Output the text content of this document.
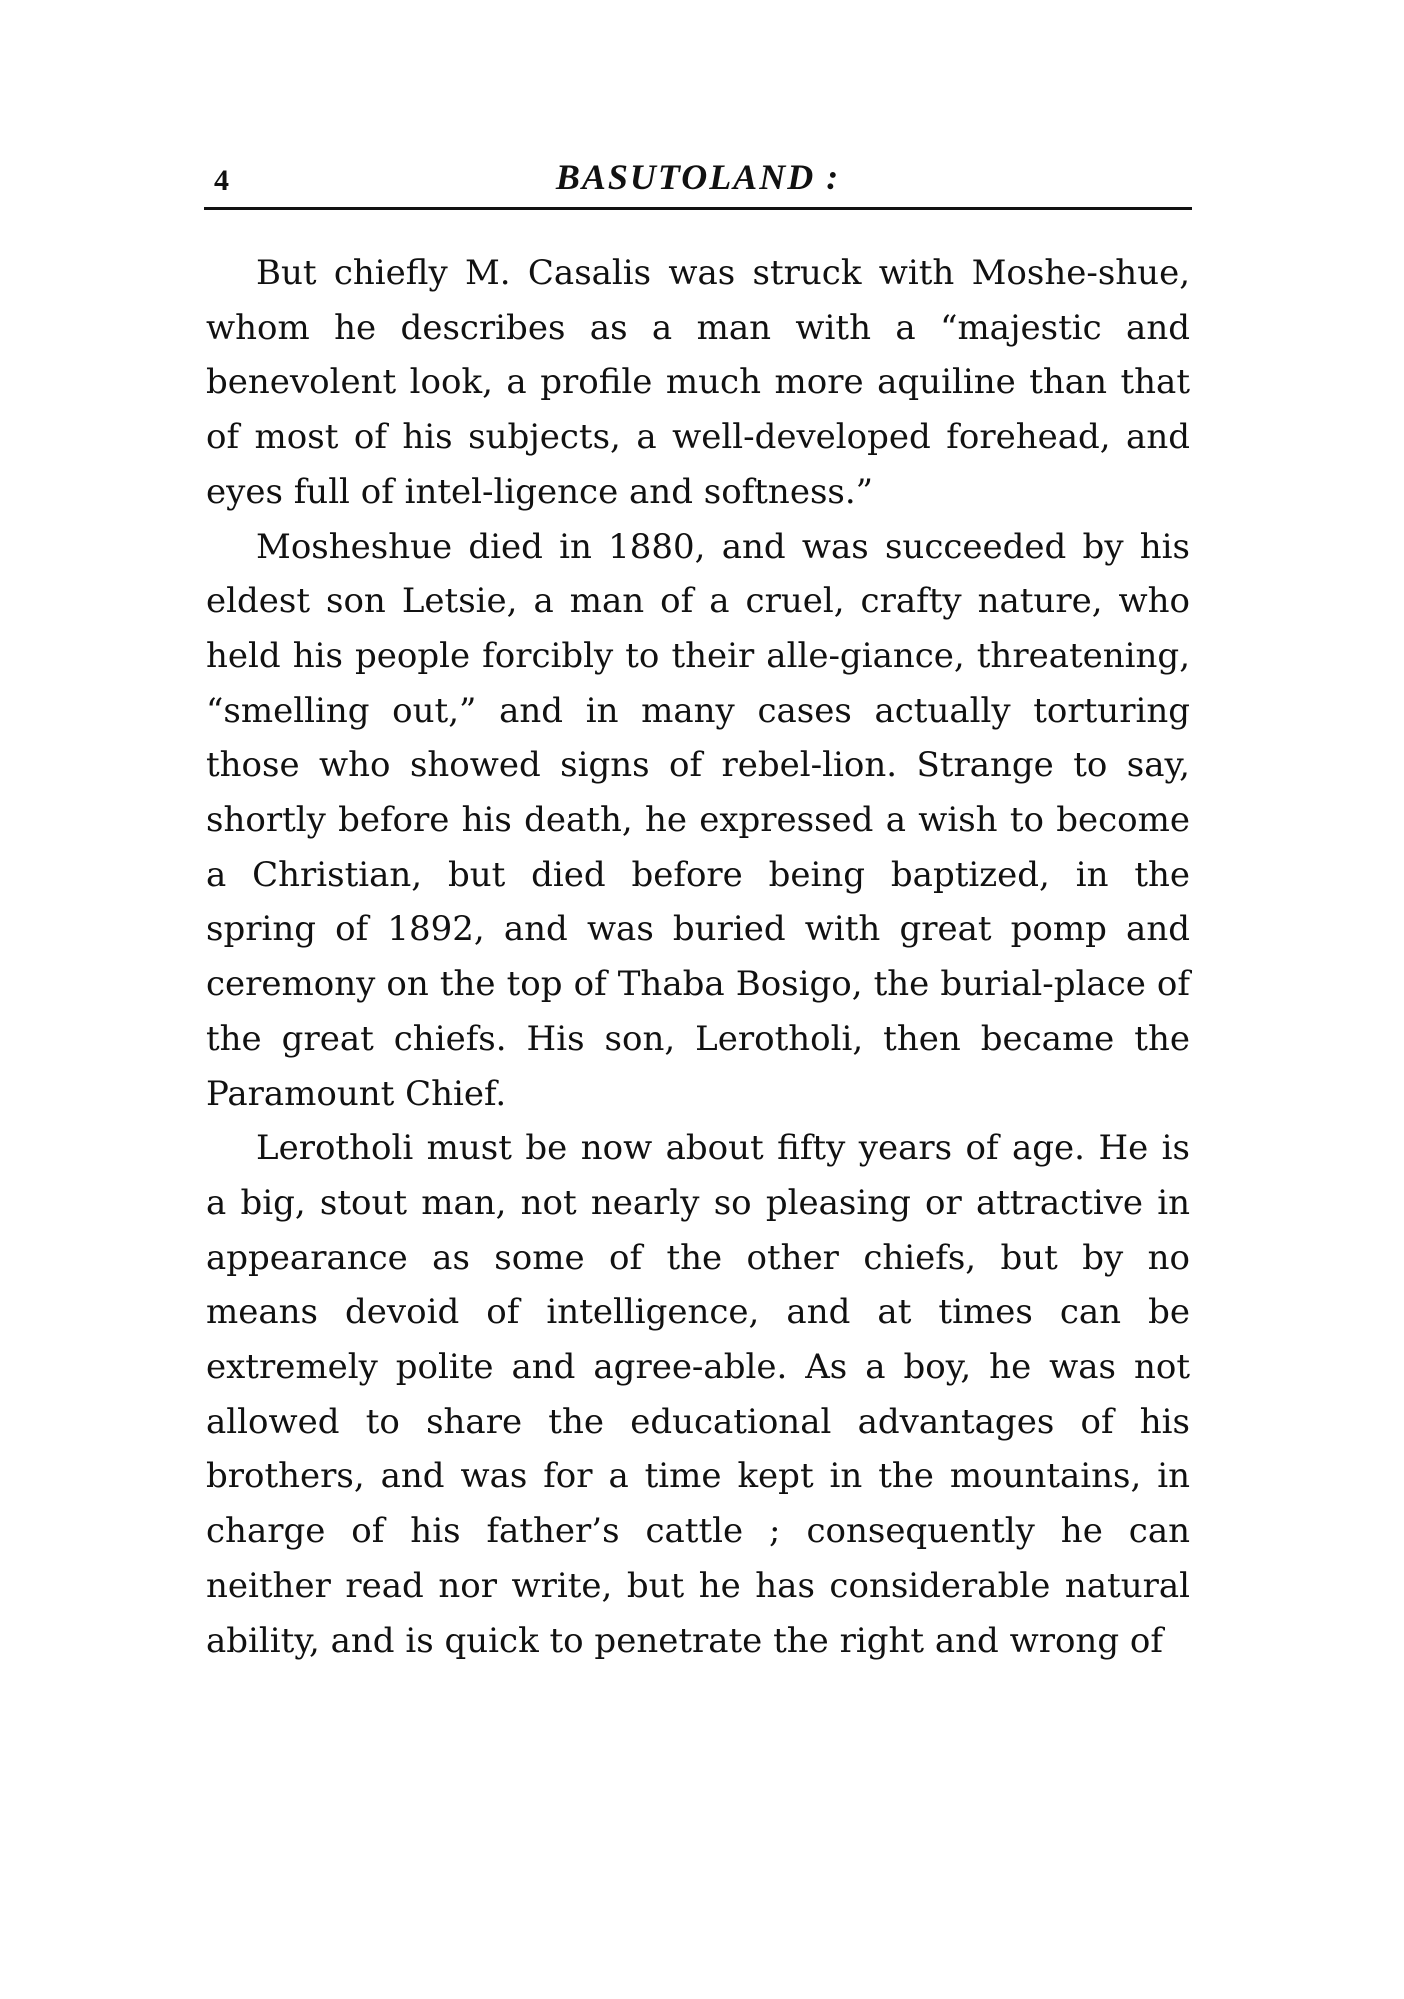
4	BASUTOLAND :

But chiefly M. Casalis was struck with Moshe-shue, whom he describes as a man with a “majestic and benevolent look, a profile much more aquiline than that of most of his subjects, a well-developed forehead, and eyes full of intel-ligence and softness.”

Mosheshue died in 1880, and was succeeded by his eldest son Letsie, a man of a cruel, crafty nature, who held his people forcibly to their alle-giance, threatening, “smelling out,” and in many cases actually torturing those who showed signs of rebel-lion. Strange to say, shortly before his death, he expressed a wish to become a Christian, but died before being baptized, in the spring of 1892, and was buried with great pomp and ceremony on the top of Thaba Bosigo, the burial-place of the great chiefs. His son, Lerotholi, then became the Paramount Chief.

Lerotholi must be now about fifty years of age. He is a big, stout man, not nearly so pleasing or attractive in appearance as some of the other chiefs, but by no means devoid of intelligence, and at times can be extremely polite and agree-able. As a boy, he was not allowed to share the educational advantages of his brothers, and was for a time kept in the mountains, in charge of his father’s cattle ; consequently he can neither read nor write, but he has considerable natural ability, and is quick to penetrate the right and wrong of
